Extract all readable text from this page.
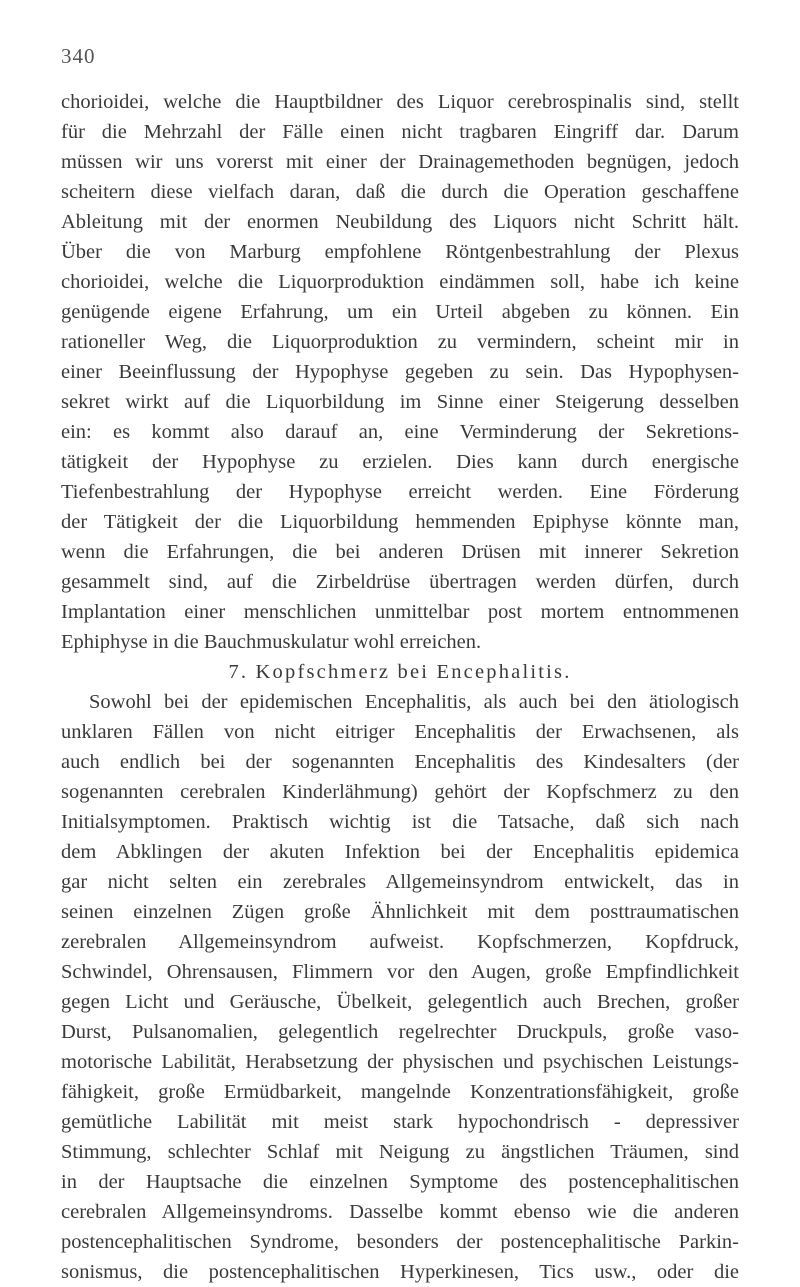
340
chorioidei, welche die Hauptbildner des Liquor cerebrospinalis sind, stellt
für die Mehrzahl der Fälle einen nicht tragbaren Eingriff dar. Darum
müssen wir uns vorerst mit einer der Drainagemethoden begnügen, jedoch
scheitern diese vielfach daran, daß die durch die Operation geschaffene
Ableitung mit der enormen Neubildung des Liquors nicht Schritt hält.
Über die von Marburg empfohlene Röntgenbestrahlung der Plexus
chorioidei, welche die Liquorproduktion eindämmen soll, habe ich keine
genügende eigene Erfahrung, um ein Urteil abgeben zu können. Ein
rationeller Weg, die Liquorproduktion zu vermindern, scheint mir in
einer Beeinflussung der Hypophyse gegeben zu sein. Das Hypophysen-
sekret wirkt auf die Liquorbildung im Sinne einer Steigerung desselben
ein: es kommt also darauf an, eine Verminderung der Sekretions-
tätigkeit der Hypophyse zu erzielen. Dies kann durch energische
Tiefenbestrahlung der Hypophyse erreicht werden. Eine Förderung
der Tätigkeit der die Liquorbildung hemmenden Epiphyse könnte man,
wenn die Erfahrungen, die bei anderen Drüsen mit innerer Sekretion
gesammelt sind, auf die Zirbeldrüse übertragen werden dürfen, durch
Implantation einer menschlichen unmittelbar post mortem entnommenen
Ephiphyse in die Bauchmuskulatur wohl erreichen.
7. Kopfschmerz bei Encephalitis.
Sowohl bei der epidemischen Encephalitis, als auch bei den ätiologisch
unklaren Fällen von nicht eitriger Encephalitis der Erwachsenen, als
auch endlich bei der sogenannten Encephalitis des Kindesalters (der
sogenannten cerebralen Kinderlähmung) gehört der Kopfschmerz zu den
Initialsymptomen. Praktisch wichtig ist die Tatsache, daß sich nach
dem Abklingen der akuten Infektion bei der Encephalitis epidemica
gar nicht selten ein zerebrales Allgemeinsyndrom entwickelt, das in
seinen einzelnen Zügen große Ähnlichkeit mit dem posttraumatischen
zerebralen Allgemeinsyndrom aufweist. Kopfschmerzen, Kopfdruck,
Schwindel, Ohrensausen, Flimmern vor den Augen, große Empfindlichkeit
gegen Licht und Geräusche, Übelkeit, gelegentlich auch Brechen, großer
Durst, Pulsanomalien, gelegentlich regelrechter Druckpuls, große vaso-
motorische Labilität, Herabsetzung der physischen und psychischen Leistungs-
fähigkeit, große Ermüdbarkeit, mangelnde Konzentrationsfähigkeit, große
gemütliche Labilität mit meist stark hypochondrisch - depressiver
Stimmung, schlechter Schlaf mit Neigung zu ängstlichen Träumen, sind
in der Hauptsache die einzelnen Symptome des postencephalitischen
cerebralen Allgemeinsyndroms. Dasselbe kommt ebenso wie die anderen
postencephalitischen Syndrome, besonders der postencephalitische Parkin-
sonismus, die postencephalitischen Hyperkinesen, Tics usw., oder die
